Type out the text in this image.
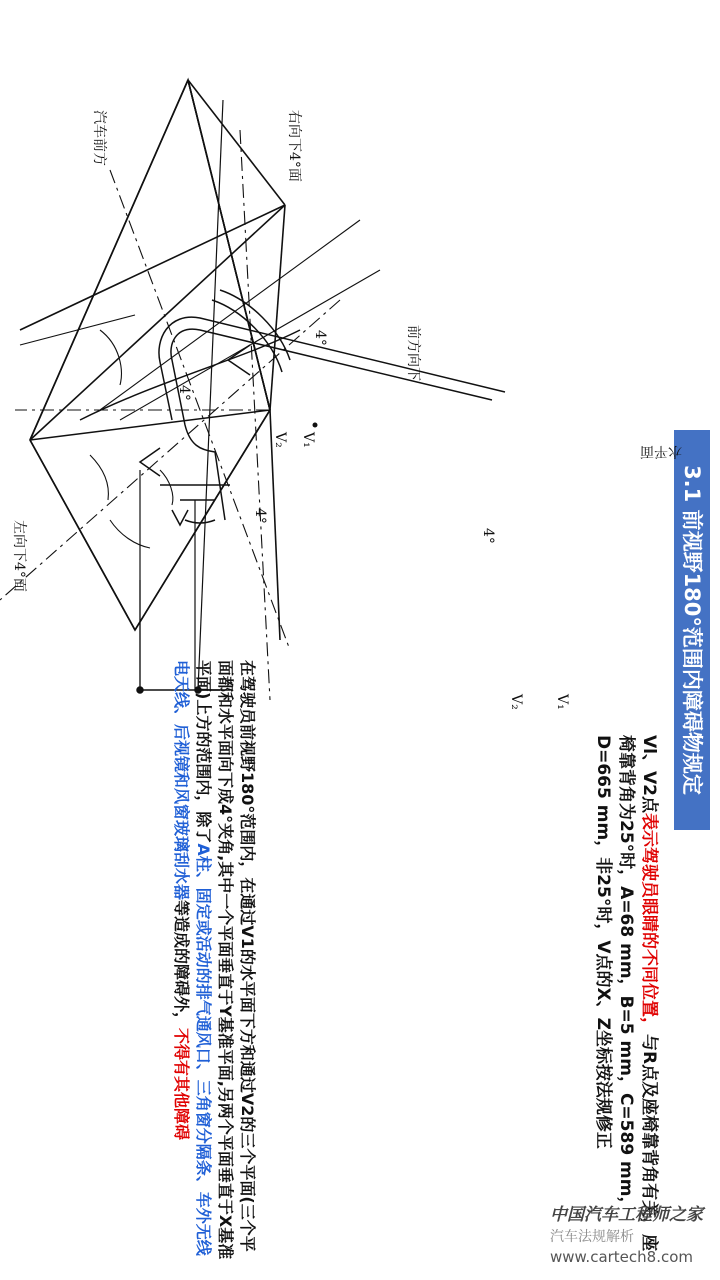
3.1 前视野180°范围内障碍物规定
水平面
前方向下
4°
V₁
V₂
汽车前方	右向下4°面
左向下4°面
4°
4°
4°
V₁
V₂
Vl、V2点表示驾驶员眼睛的不同位置，与R点及座椅靠背角有关，座椅靠背角为25°时，A=68 mm，B=5 mm，C=589 mm，D=665 mm，非25°时，V点的X、Z坐标按法规修正
在驾驶员前视野180°范围内，在通过V1的水平面下方和通过V2的三个平面(三个平面都和水平面向下成4°夹角,其中一个平面垂直于Y基准平面,另两个平面垂直于X基准平面)上方的范围内，除了A柱、固定或活动的排气通风口、三角窗分隔条、车外无线电天线、后视镜和风窗玻璃刮水器等造成的障碍外，不得有其他障碍
中国汽车工程师之家
汽车法规解析
www.cartech8.com
